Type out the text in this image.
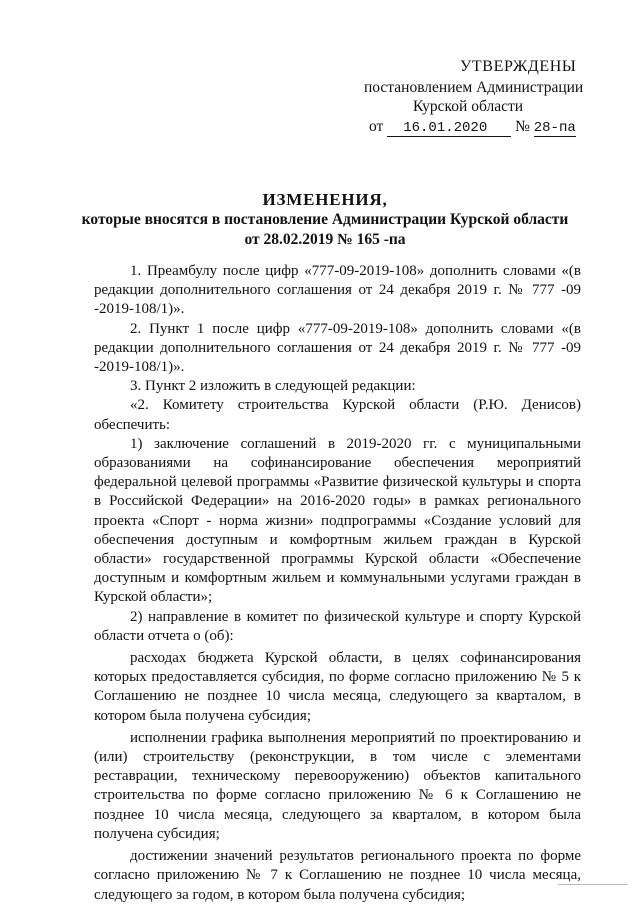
УТВЕРЖДЕНЫ
постановлением Администрации
Курской области
от 16.01.2020 № 28-па
ИЗМЕНЕНИЯ,
которые вносятся в постановление Администрации Курской области
от 28.02.2019 № 165 -па

1. Преамбулу после цифр «777-09-2019-108» дополнить словами «(в редакции дополнительного соглашения от 24 декабря 2019 г. № 777 -09 -2019-108/1)».

2. Пункт 1 после цифр «777-09-2019-108» дополнить словами «(в редакции дополнительного соглашения от 24 декабря 2019 г. № 777 -09 -2019-108/1)».

3. Пункт 2 изложить в следующей редакции:

«2. Комитету строительства Курской области (Р.Ю. Денисов) обеспечить:

1) заключение соглашений в 2019-2020 гг. с муниципальными образованиями на софинансирование обеспечения мероприятий федеральной целевой программы «Развитие физической культуры и спорта в Российской Федерации» на 2016-2020 годы» в рамках регионального проекта «Спорт - норма жизни» подпрограммы «Создание условий для обеспечения доступным и комфортным жильем граждан в Курской области» государственной программы Курской области «Обеспечение доступным и комфортным жильем и коммунальными услугами граждан в Курской области»;

2) направление в комитет по физической культуре и спорту Курской области отчета о (об):

расходах бюджета Курской области, в целях софинансирования которых предоставляется субсидия, по форме согласно приложению № 5 к Соглашению не позднее 10 числа месяца, следующего за кварталом, в котором была получена субсидия;

исполнении графика выполнения мероприятий по проектированию и (или) строительству (реконструкции, в том числе с элементами реставрации, техническому перевооружению) объектов капитального строительства по форме согласно приложению № 6 к Соглашению не позднее 10 числа месяца, следующего за кварталом, в котором была получена субсидия;

достижении значений результатов регионального проекта по форме согласно приложению № 7 к Соглашению не позднее 10 числа месяца, следующего за годом, в котором была получена субсидия;
